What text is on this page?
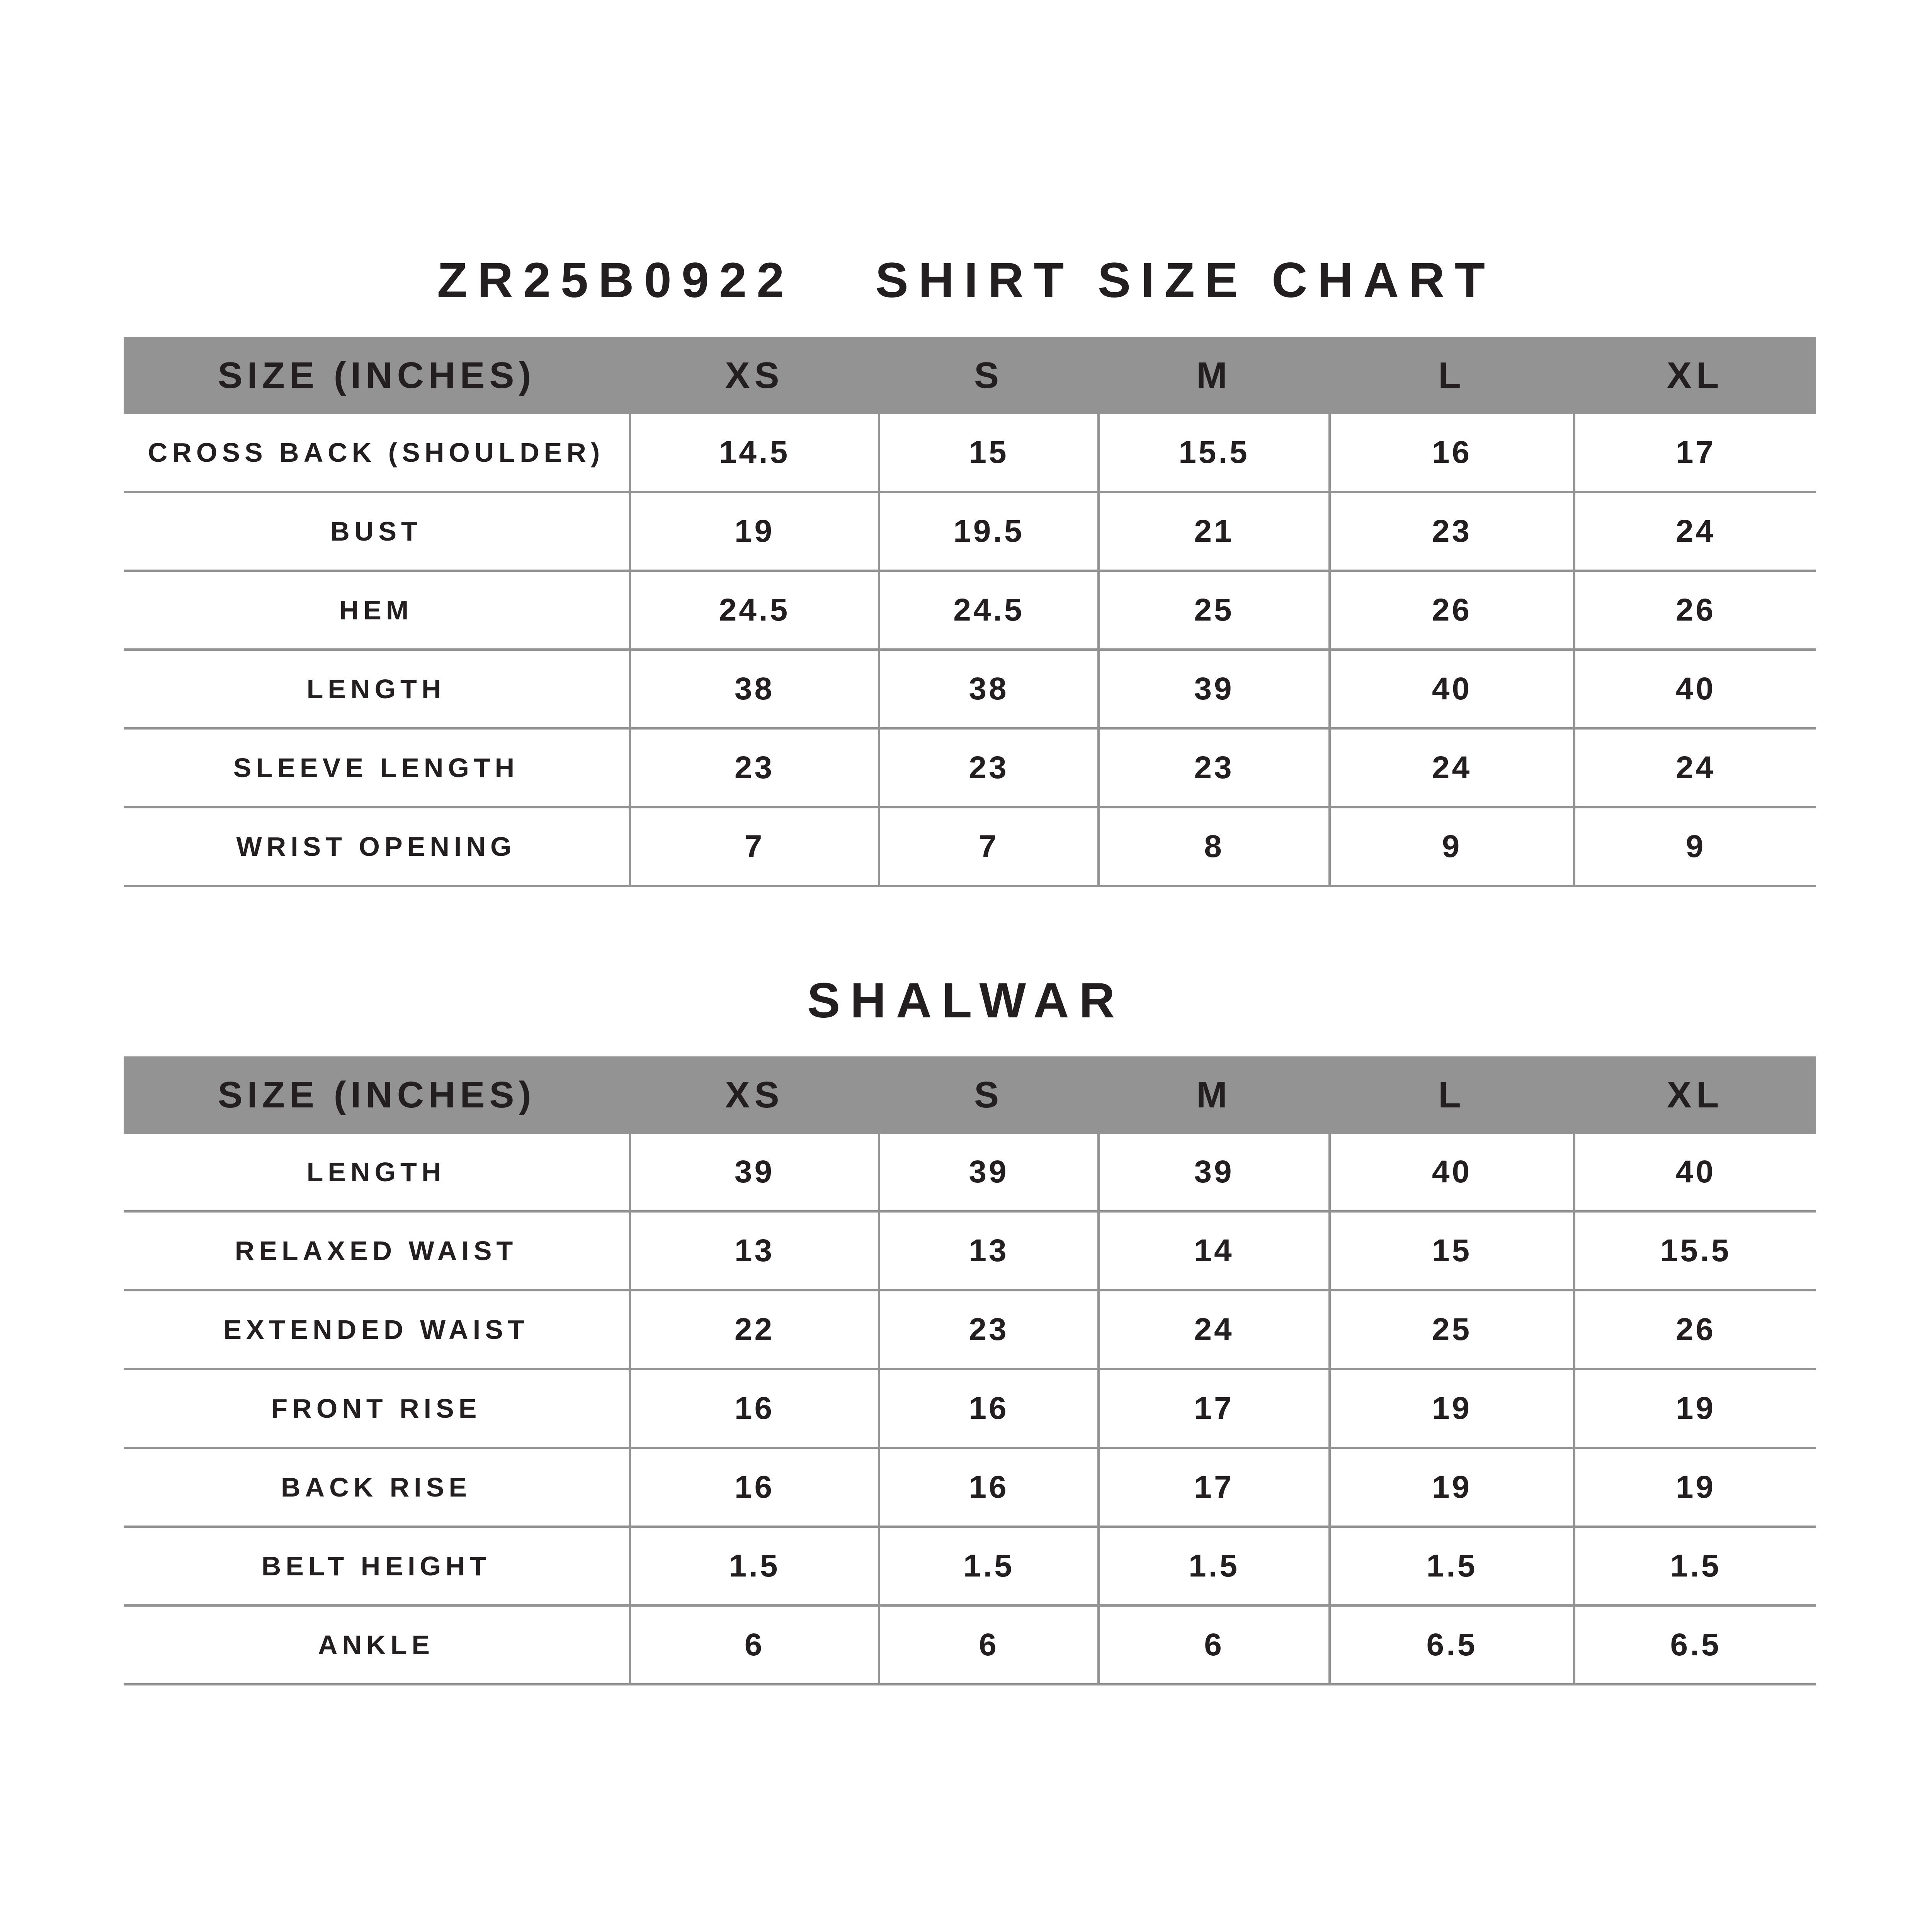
ZR25B0922 SHIRT SIZE CHART
SIZE (INCHES)	XS	S	M	L	XL
CROSS BACK (SHOULDER)	14.5	15	15.5	16	17
BUST	19	19.5	21	23	24
HEM	24.5	24.5	25	26	26
LENGTH	38	38	39	40	40
SLEEVE LENGTH	23	23	23	24	24
WRIST OPENING	7	7	8	9	9
SHALWAR
SIZE (INCHES)	XS	S	M	L	XL
LENGTH	39	39	39	40	40
RELAXED WAIST	13	13	14	15	15.5
EXTENDED WAIST	22	23	24	25	26
FRONT RISE	16	16	17	19	19
BACK RISE	16	16	17	19	19
BELT HEIGHT	1.5	1.5	1.5	1.5	1.5
ANKLE	6	6	6	6.5	6.5
